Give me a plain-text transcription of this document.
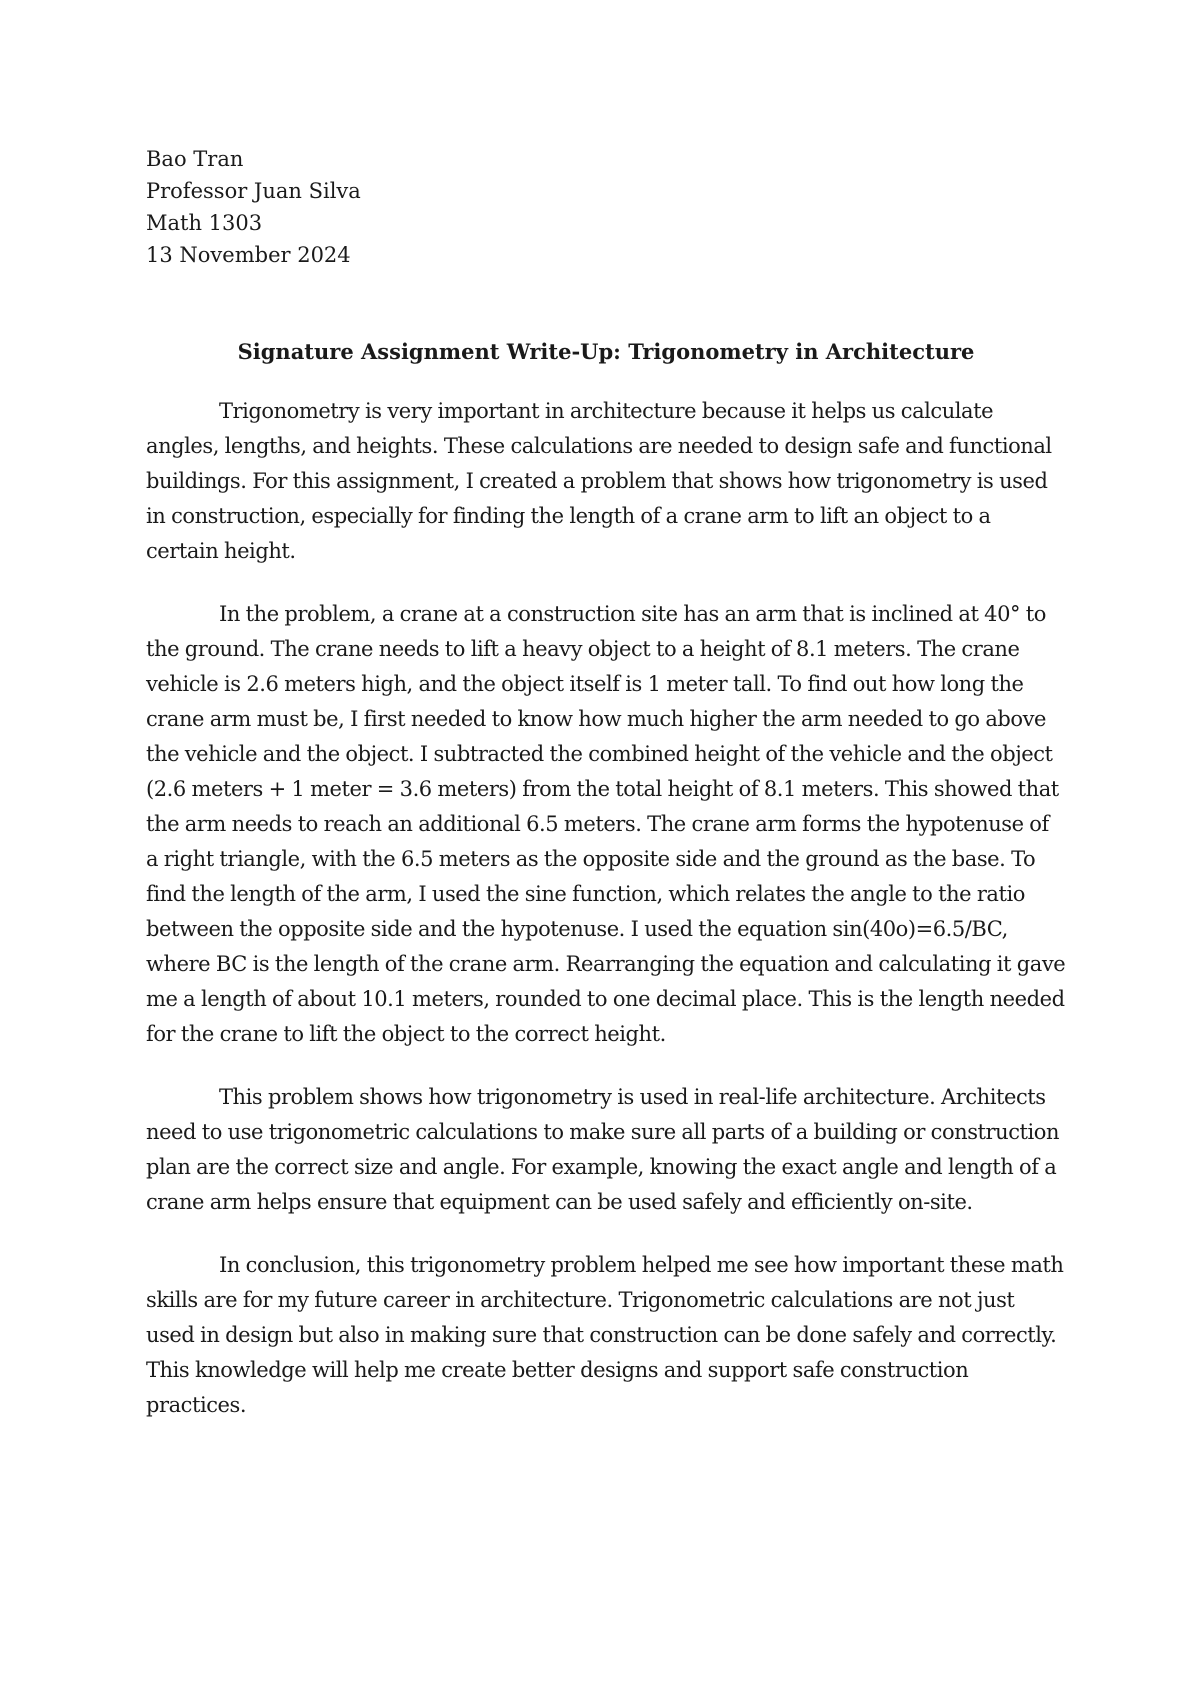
Bao Tran
Professor Juan Silva
Math 1303
13 November 2024
Signature Assignment Write-Up: Trigonometry in Architecture

Trigonometry is very important in architecture because it helps us calculate angles, lengths, and heights. These calculations are needed to design safe and functional buildings. For this assignment, I created a problem that shows how trigonometry is used in construction, especially for finding the length of a crane arm to lift an object to a certain height.

In the problem, a crane at a construction site has an arm that is inclined at 40° to the ground. The crane needs to lift a heavy object to a height of 8.1 meters. The crane vehicle is 2.6 meters high, and the object itself is 1 meter tall. To find out how long the crane arm must be, I first needed to know how much higher the arm needed to go above the vehicle and the object. I subtracted the combined height of the vehicle and the object (2.6 meters + 1 meter = 3.6 meters) from the total height of 8.1 meters. This showed that the arm needs to reach an additional 6.5 meters. The crane arm forms the hypotenuse of a right triangle, with the 6.5 meters as the opposite side and the ground as the base. To find the length of the arm, I used the sine function, which relates the angle to the ratio between the opposite side and the hypotenuse. I used the equation sin(40o)=6.5/BC, where BC is the length of the crane arm. Rearranging the equation and calculating it gave me a length of about 10.1 meters, rounded to one decimal place. This is the length needed for the crane to lift the object to the correct height.

This problem shows how trigonometry is used in real-life architecture. Architects need to use trigonometric calculations to make sure all parts of a building or construction plan are the correct size and angle. For example, knowing the exact angle and length of a crane arm helps ensure that equipment can be used safely and efficiently on-site.

In conclusion, this trigonometry problem helped me see how important these math skills are for my future career in architecture. Trigonometric calculations are not just used in design but also in making sure that construction can be done safely and correctly. This knowledge will help me create better designs and support safe construction practices.
